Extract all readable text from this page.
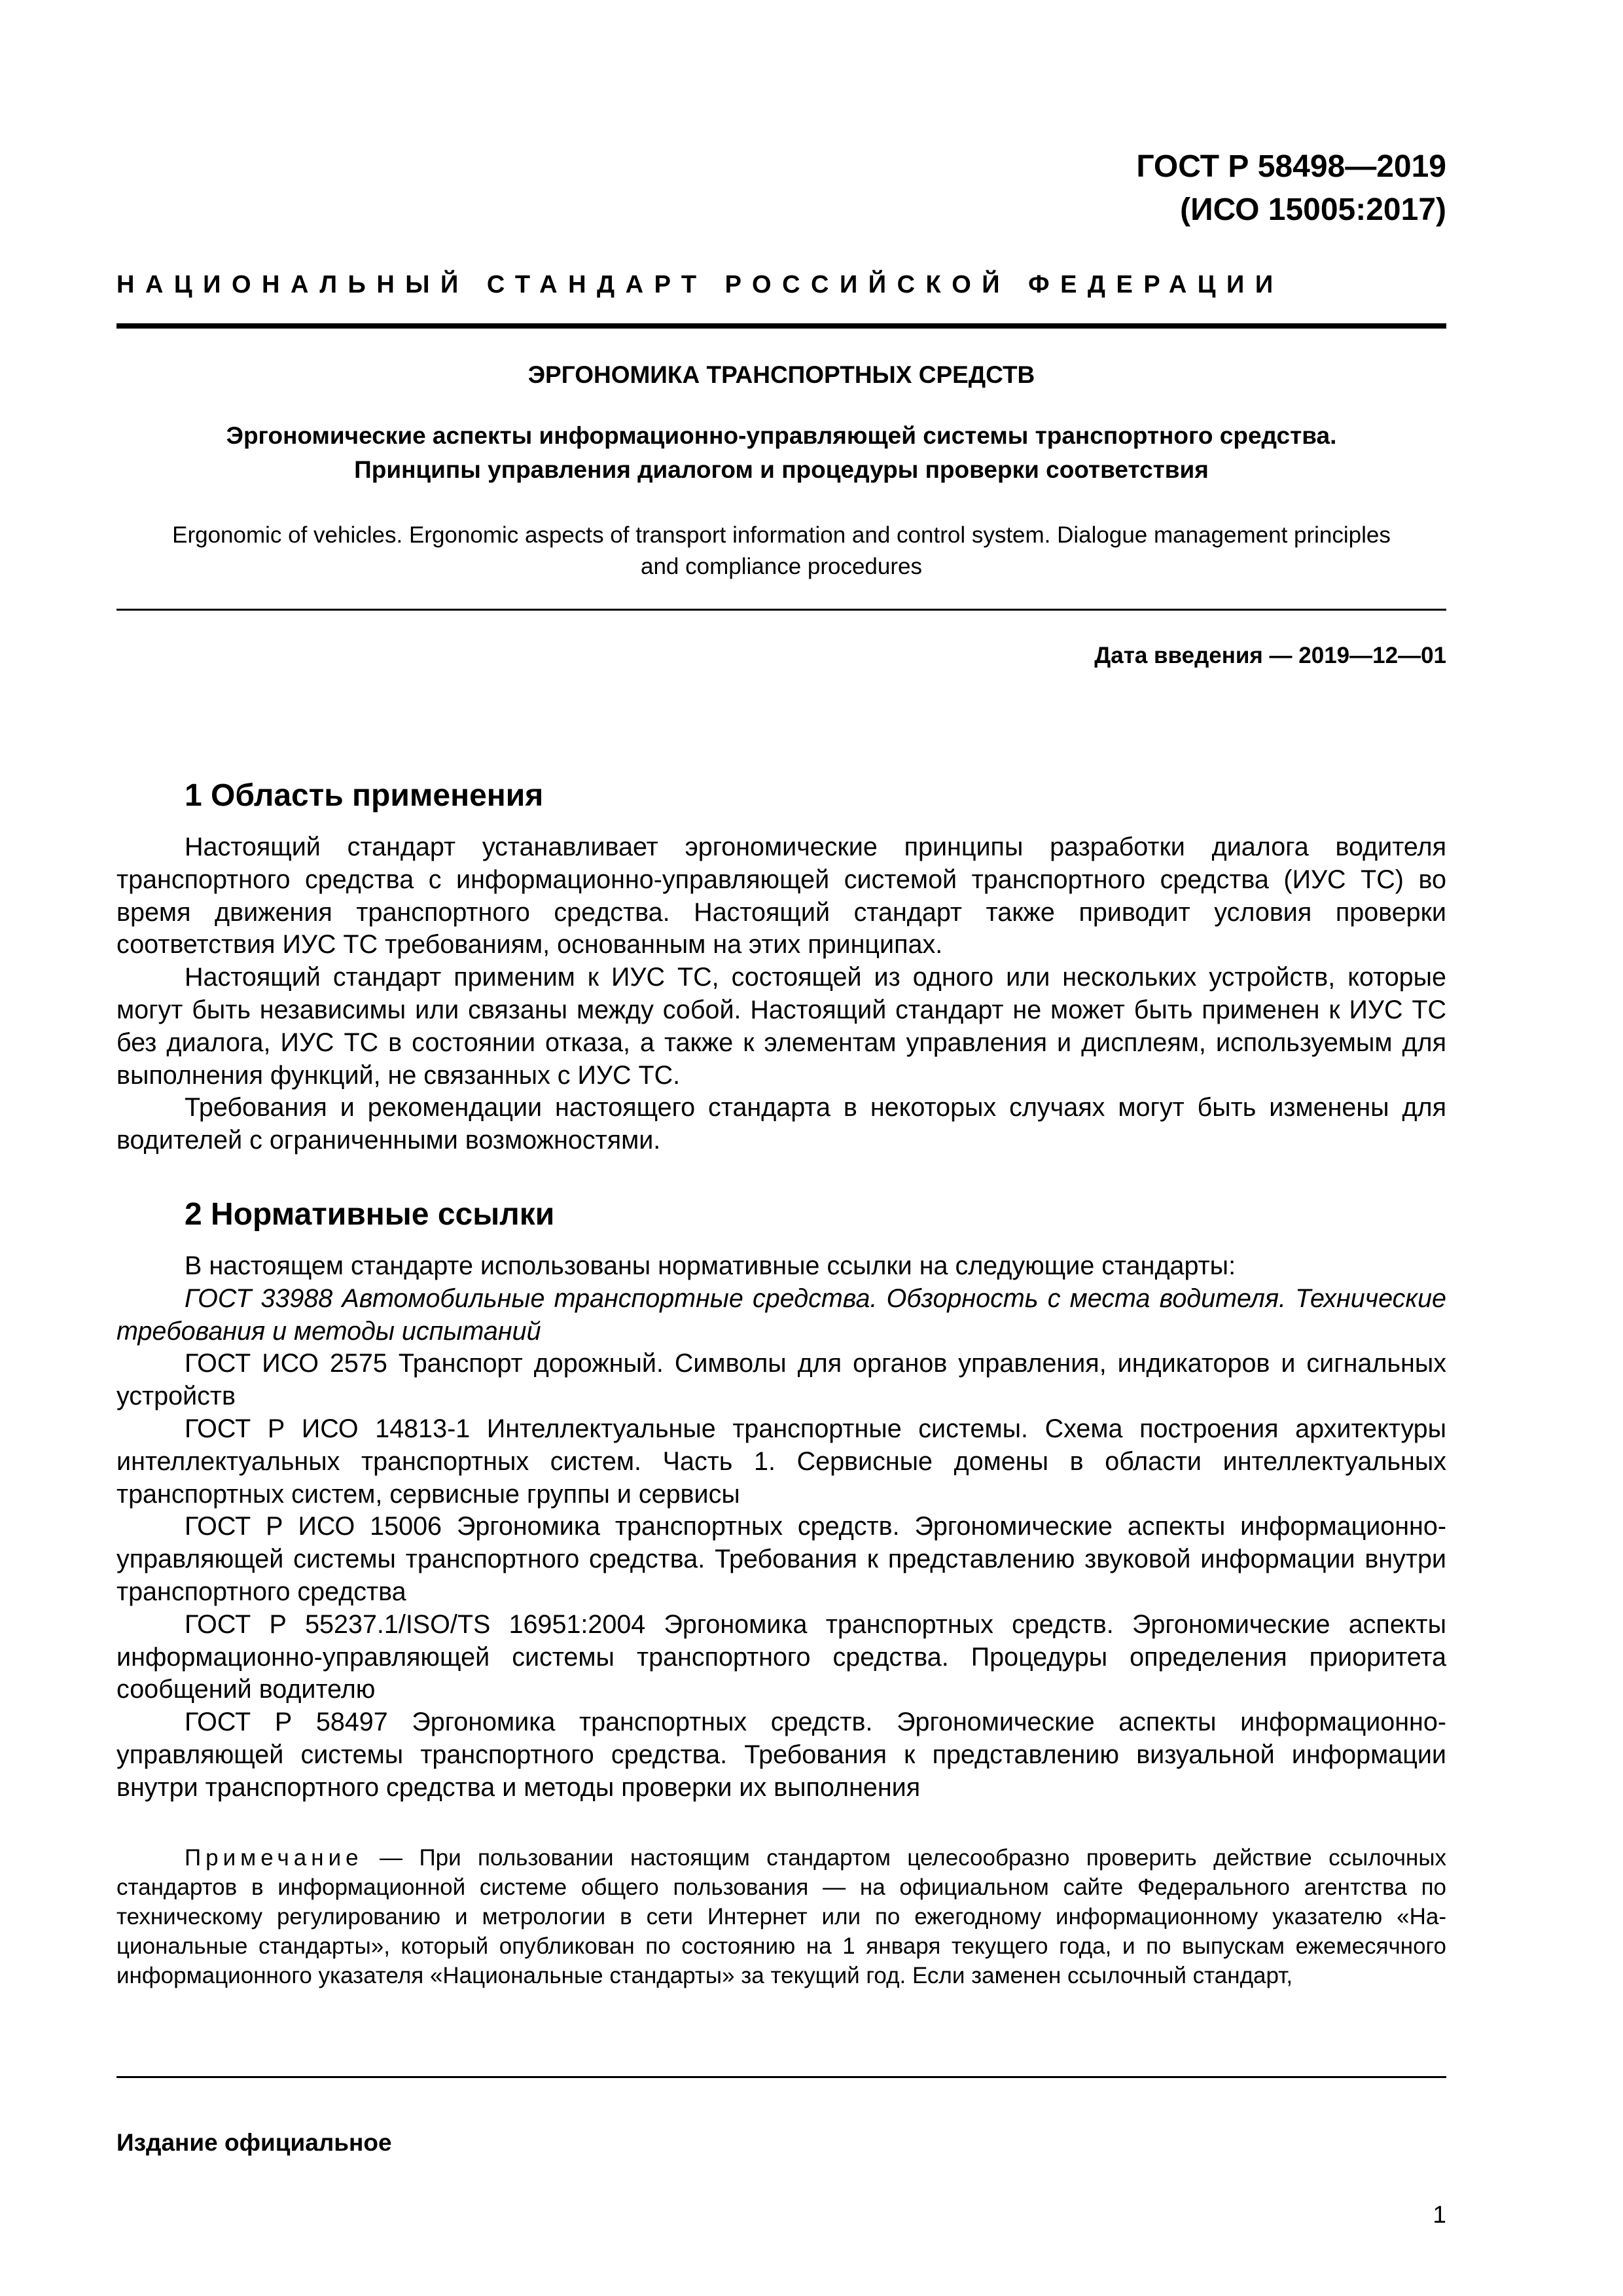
ГОСТ Р 58498—2019
(ИСО 15005:2017)
НАЦИОНАЛЬНЫЙ СТАНДАРТ РОССИЙСКОЙ ФЕДЕРАЦИИ
ЭРГОНОМИКА ТРАНСПОРТНЫХ СРЕДСТВ
Эргономические аспекты информационно-управляющей системы транспортного средства.
Принципы управления диалогом и процедуры проверки соответствия
Ergonomic of vehicles. Ergonomic aspects of transport information and control system. Dialogue management principles
and compliance procedures
Дата введения — 2019—12—01
1 Область применения

Настоящий стандарт устанавливает эргономические принципы разработки диалога водителя транспортного средства с информационно-управляющей системой транспортного средства (ИУС ТС) во время движения транспортного средства. Настоящий стандарт также приводит условия проверки соответствия ИУС ТС требованиям, основанным на этих принципах.

Настоящий стандарт применим к ИУС ТС, состоящей из одного или нескольких устройств, которые могут быть независимы или связаны между собой. Настоящий стандарт не может быть применен к ИУС ТС без диалога, ИУС ТС в состоянии отказа, а также к элементам управления и дисплеям, используемым для выполнения функций, не связанных с ИУС ТС.

Требования и рекомендации настоящего стандарта в некоторых случаях могут быть изменены для водителей с ограниченными возможностями.

2 Нормативные ссылки

В настоящем стандарте использованы нормативные ссылки на следующие стандарты:

ГОСТ 33988 Автомобильные транспортные средства. Обзорность с места водителя. Технические требования и методы испытаний

ГОСТ ИСО 2575 Транспорт дорожный. Символы для органов управления, индикаторов и сигнальных устройств

ГОСТ Р ИСО 14813-1 Интеллектуальные транспортные системы. Схема построения архитектуры интеллектуальных транспортных систем. Часть 1. Сервисные домены в области интеллектуальных транспортных систем, сервисные группы и сервисы

ГОСТ Р ИСО 15006 Эргономика транспортных средств. Эргономические аспекты информационно-управляющей системы транспортного средства. Требования к представлению звуковой информации внутри транспортного средства

ГОСТ Р 55237.1/ISO/TS 16951:2004 Эргономика транспортных средств. Эргономические аспекты информационно-управляющей системы транспортного средства. Процедуры определения приоритета сообщений водителю

ГОСТ Р 58497 Эргономика транспортных средств. Эргономические аспекты информационно-управляющей системы транспортного средства. Требования к представлению визуальной информации внутри транспортного средства и методы проверки их выполнения

Примечание — При пользовании настоящим стандартом целесообразно проверить действие ссылочных стандартов в информационной системе общего пользования — на официальном сайте Федерального агентства по техническому регулированию и метрологии в сети Интернет или по ежегодному информационному указателю «Национальные стандарты», который опубликован по состоянию на 1 января текущего года, и по выпускам ежемесячного информационного указателя «Национальные стандарты» за текущий год. Если заменен ссылочный стандарт,

Издание официальное
1
